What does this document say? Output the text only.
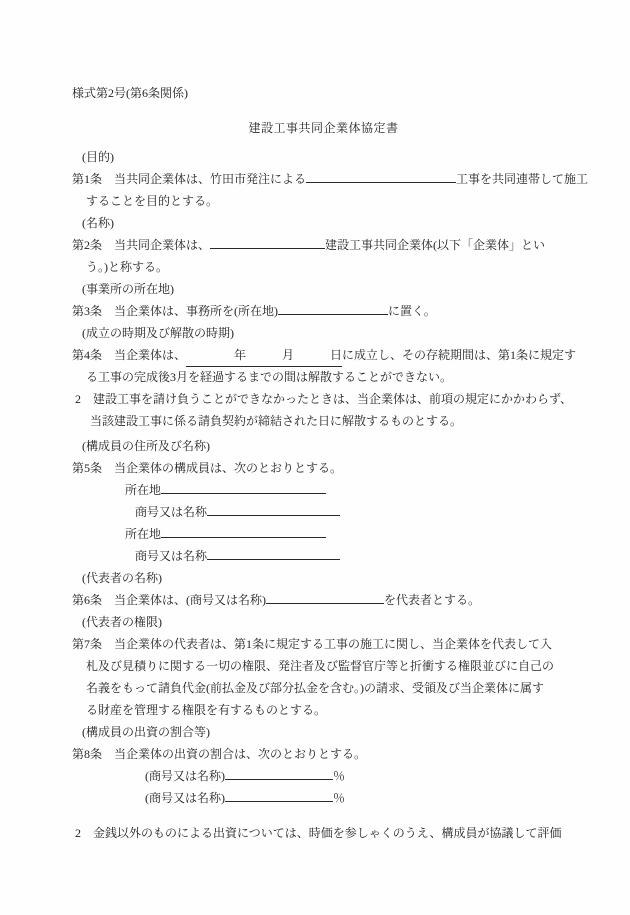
様式第2号(第6条関係)
建設工事共同企業体協定書
(目的)
第1条　当共同企業体は、竹田市発注による	工事を共同連帯して施工
することを目的とする。
(名称)
第2条　当共同企業体は、	建設工事共同企業体(以下「企業体」とい
う。)と称する。
(事業所の所在地)
第3条　当企業体は、事務所を(所在地)	に置く。
(成立の時期及び解散の時期)
第4条　当企業体は、　　　　年　　　月　　　日に成立し、その存続期間は、第1条に規定す
る工事の完成後3月を経過するまでの間は解散することができない。
2　建設工事を請け負うことができなかったときは、当企業体は、前項の規定にかかわらず、
当該建設工事に係る請負契約が締結された日に解散するものとする。
(構成員の住所及び名称)
第5条　当企業体の構成員は、次のとおりとする。
所在地
商号又は名称
所在地
商号又は名称
(代表者の名称)
第6条　当企業体は、(商号又は名称)	を代表者とする。
(代表者の権限)
第7条　当企業体の代表者は、第1条に規定する工事の施工に関し、当企業体を代表して入
札及び見積りに関する一切の権限、発注者及び監督官庁等と折衝する権限並びに自己の
名義をもって請負代金(前払金及び部分払金を含む。)の請求、受領及び当企業体に属す
る財産を管理する権限を有するものとする。
(構成員の出資の割合等)
第8条　当企業体の出資の割合は、次のとおりとする。
(商号又は名称)	％
(商号又は名称)	％
2　金銭以外のものによる出資については、時価を参しゃくのうえ、構成員が協議して評価
